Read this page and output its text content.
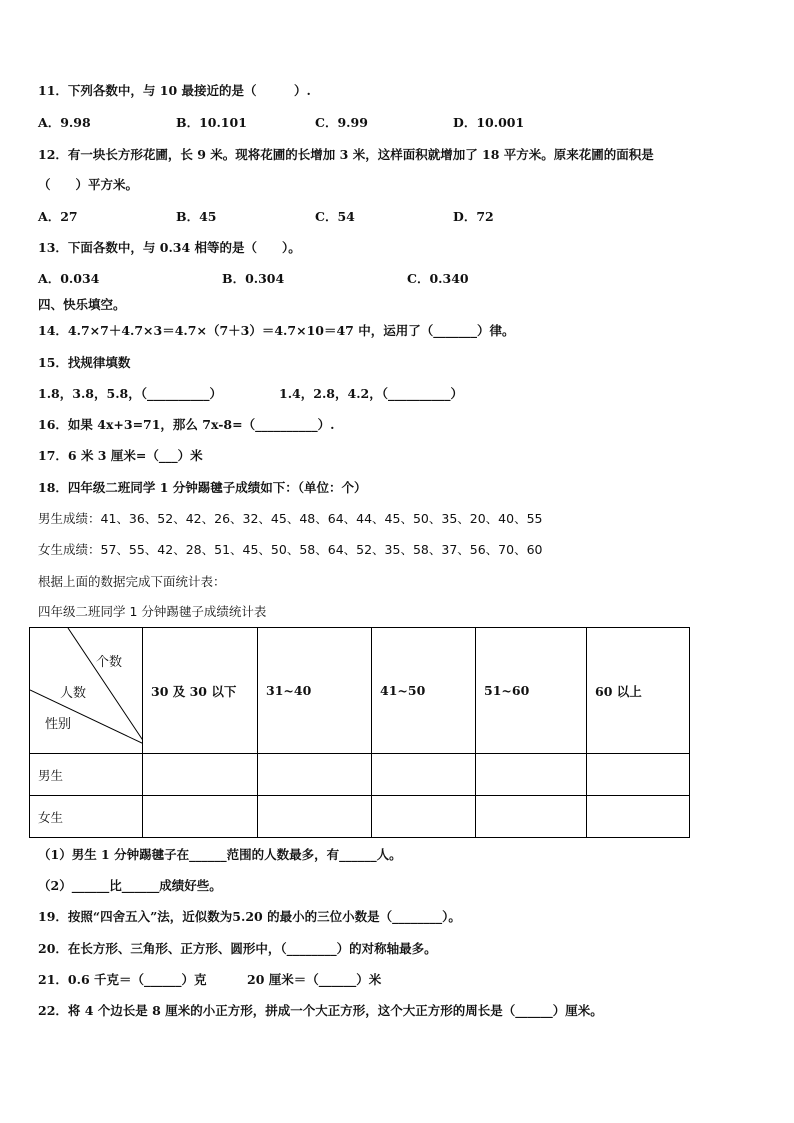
11．下列各数中，与 10 最接近的是（　　　）.
A．9.98	B．10.101	C．9.99	D．10.001
12．有一块长方形花圃，长 9 米。现将花圃的长增加 3 米，这样面积就增加了 18 平方米。原来花圃的面积是
（　　）平方米。
A．27	B．45	C．54	D．72
13．下面各数中，与 0.34 相等的是（　　）。
A．0.034	B．0.304	C．0.340
四、快乐填空。
14．4.7×7＋4.7×3＝4.7×（7＋3）＝4.7×10＝47 中，运用了（_______）律。
15．找规律填数
1.8，3.8，5.8，（__________）	1.4，2.8，4.2，（__________）
16．如果 4x+3=71，那么 7x-8=（__________）.
17．6 米 3 厘米=（___）米
18．四年级二班同学 1 分钟踢毽子成绩如下：（单位：个）
男生成绩：41、36、52、42、26、32、45、48、64、44、45、50、35、20、40、55
女生成绩：57、55、42、28、51、45、50、58、64、52、35、58、37、56、70、60
根据上面的数据完成下面统计表：
四年级二班同学 1 分钟踢毽子成绩统计表
个数
人数
性别	30 及 30 以下	31~40	41~50	51~60	60 以上
男生					
女生					
（1）男生 1 分钟踢毽子在______范围的人数最多，有______人。
（2）______比______成绩好些。
19．按照“四舍五入”法，近似数为5.20 的最小的三位小数是（________）。
20．在长方形、三角形、正方形、圆形中，（________）的对称轴最多。
21．0.6 千克＝（______）克	20 厘米＝（______）米
22．将 4 个边长是 8 厘米的小正方形，拼成一个大正方形，这个大正方形的周长是（______）厘米。
